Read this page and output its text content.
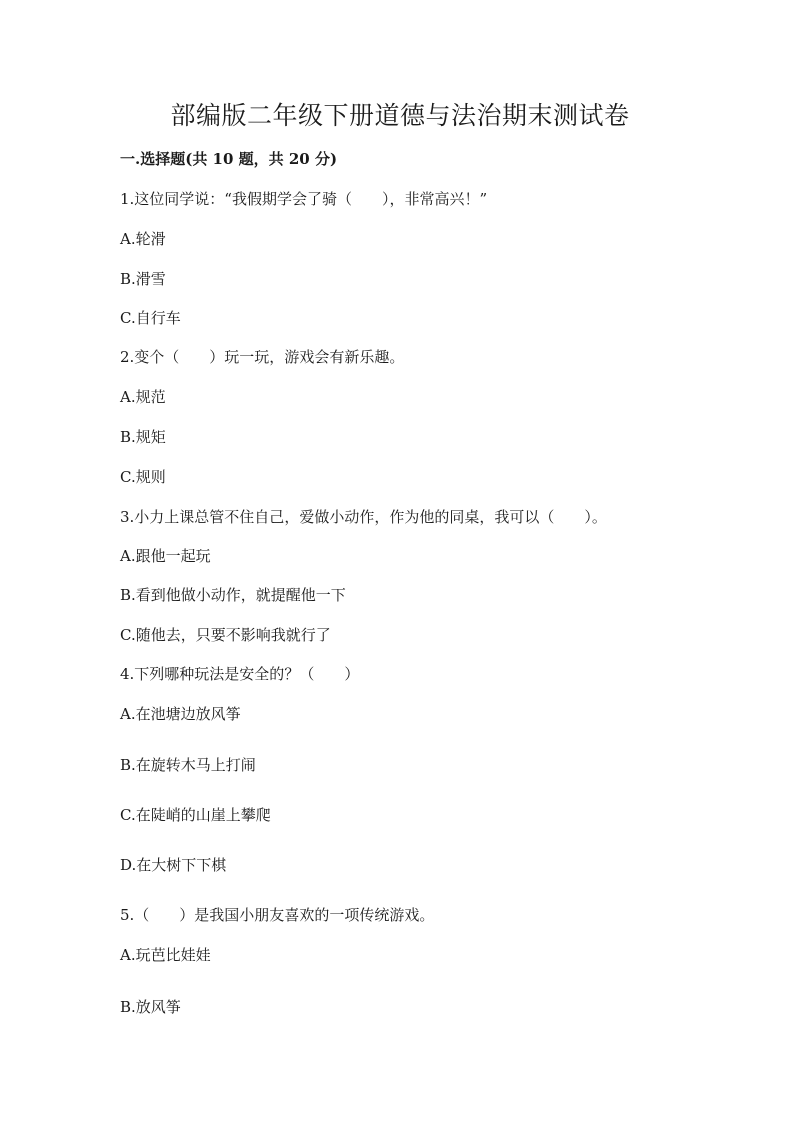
部编版二年级下册道德与法治期末测试卷

一.选择题(共 10 题，共 20 分)

1.这位同学说：“我假期学会了骑（　　），非常高兴！”

A.轮滑

B.滑雪

C.自行车

2.变个（　　）玩一玩，游戏会有新乐趣。

A.规范

B.规矩

C.规则

3.小力上课总管不住自己，爱做小动作，作为他的同桌，我可以（　　）。

A.跟他一起玩

B.看到他做小动作，就提醒他一下

C.随他去，只要不影响我就行了

4.下列哪种玩法是安全的？（　　）

A.在池塘边放风筝

B.在旋转木马上打闹

C.在陡峭的山崖上攀爬

D.在大树下下棋

5.（　　）是我国小朋友喜欢的一项传统游戏。

A.玩芭比娃娃

B.放风筝
